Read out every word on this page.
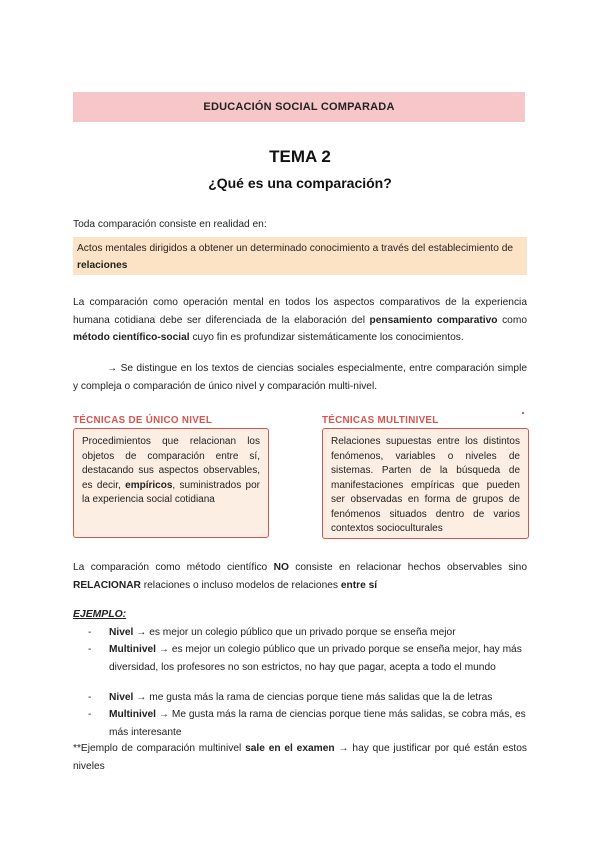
EDUCACIÓN SOCIAL COMPARADA
TEMA 2
¿Qué es una comparación?
Toda comparación consiste en realidad en:
Actos mentales dirigidos a obtener un determinado conocimiento a través del establecimiento de relaciones
La comparación como operación mental en todos los aspectos comparativos de la experiencia humana cotidiana debe ser diferenciada de la elaboración del pensamiento comparativo como método científico-social cuyo fin es profundizar sistemáticamente los conocimientos.
→ Se distingue en los textos de ciencias sociales especialmente, entre comparación simple y compleja o comparación de único nivel y comparación multi-nivel.
TÉCNICAS DE ÚNICO NIVEL	TÉCNICAS MULTINIVEL
Procedimientos que relacionan los objetos de comparación entre sí, destacando sus aspectos observables, es decir, empíricos, suministrados por la experiencia social cotidiana
Relaciones supuestas entre los distintos fenómenos, variables o niveles de sistemas. Parten de la búsqueda de manifestaciones empíricas que pueden ser observadas en forma de grupos de fenómenos situados dentro de varios contextos socioculturales
La comparación como método científico NO consiste en relacionar hechos observables sino RELACIONAR relaciones o incluso modelos de relaciones entre sí
EJEMPLO:
- Nivel → es mejor un colegio público que un privado porque se enseña mejor
- Multinivel → es mejor un colegio público que un privado porque se enseña mejor, hay más diversidad, los profesores no son estrictos, no hay que pagar, acepta a todo el mundo
- Nivel → me gusta más la rama de ciencias porque tiene más salidas que la de letras
- Multinivel → Me gusta más la rama de ciencias porque tiene más salidas, se cobra más, es más interesante
**Ejemplo de comparación multinivel sale en el examen → hay que justificar por qué están estos niveles
